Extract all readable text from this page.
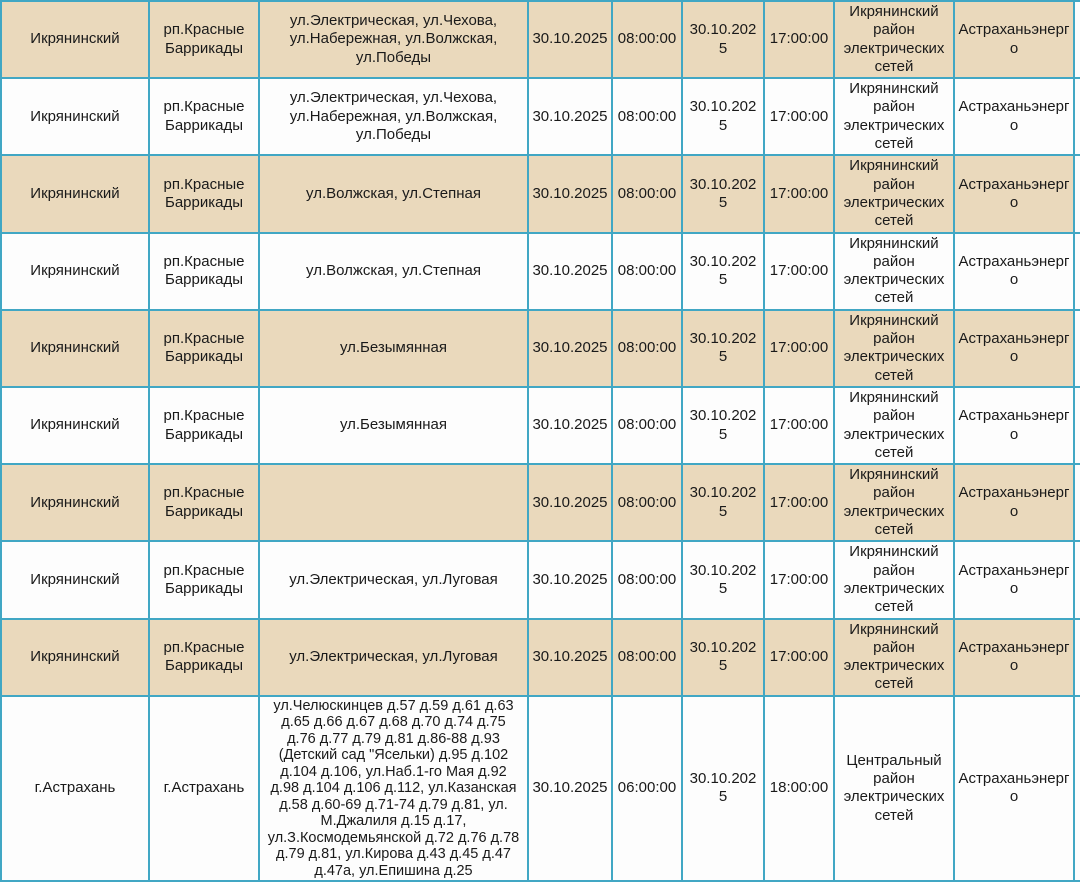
Икрянинский	рп.Красные Баррикады	ул.Электрическая, ул.Чехова, ул.Набережная, ул.Волжская, ул.Победы	30.10.2025	08:00:00	30.10.2025	17:00:00	Икрянинский район электрических сетей	Астраханьэнерго	
Икрянинский	рп.Красные Баррикады	ул.Электрическая, ул.Чехова, ул.Набережная, ул.Волжская, ул.Победы	30.10.2025	08:00:00	30.10.2025	17:00:00	Икрянинский район электрических сетей	Астраханьэнерго	
Икрянинский	рп.Красные Баррикады	ул.Волжская, ул.Степная	30.10.2025	08:00:00	30.10.2025	17:00:00	Икрянинский район электрических сетей	Астраханьэнерго	
Икрянинский	рп.Красные Баррикады	ул.Волжская, ул.Степная	30.10.2025	08:00:00	30.10.2025	17:00:00	Икрянинский район электрических сетей	Астраханьэнерго	
Икрянинский	рп.Красные Баррикады	ул.Безымянная	30.10.2025	08:00:00	30.10.2025	17:00:00	Икрянинский район электрических сетей	Астраханьэнерго	
Икрянинский	рп.Красные Баррикады	ул.Безымянная	30.10.2025	08:00:00	30.10.2025	17:00:00	Икрянинский район электрических сетей	Астраханьэнерго	
Икрянинский	рп.Красные Баррикады		30.10.2025	08:00:00	30.10.2025	17:00:00	Икрянинский район электрических сетей	Астраханьэнерго	
Икрянинский	рп.Красные Баррикады	ул.Электрическая, ул.Луговая	30.10.2025	08:00:00	30.10.2025	17:00:00	Икрянинский район электрических сетей	Астраханьэнерго	
Икрянинский	рп.Красные Баррикады	ул.Электрическая, ул.Луговая	30.10.2025	08:00:00	30.10.2025	17:00:00	Икрянинский район электрических сетей	Астраханьэнерго	
г.Астрахань	г.Астрахань	ул.Челюскинцев д.57 д.59 д.61 д.63 д.65 д.66 д.67 д.68 д.70 д.74 д.75 д.76 д.77 д.79 д.81 д.86-88 д.93 (Детский сад "Ясельки) д.95 д.102 д.104 д.106, ул.Наб.1-го Мая д.92 д.98 д.104 д.106 д.112, ул.Казанская д.58 д.60-69 д.71-74 д.79 д.81, ул. М.Джалиля д.15 д.17, ул.З.Космодемьянской д.72 д.76 д.78 д.79 д.81, ул.Кирова д.43 д.45 д.47 д.47а, ул.Епишина д.25	30.10.2025	06:00:00	30.10.2025	18:00:00	Центральный район электрических сетей	Астраханьэнерго	
